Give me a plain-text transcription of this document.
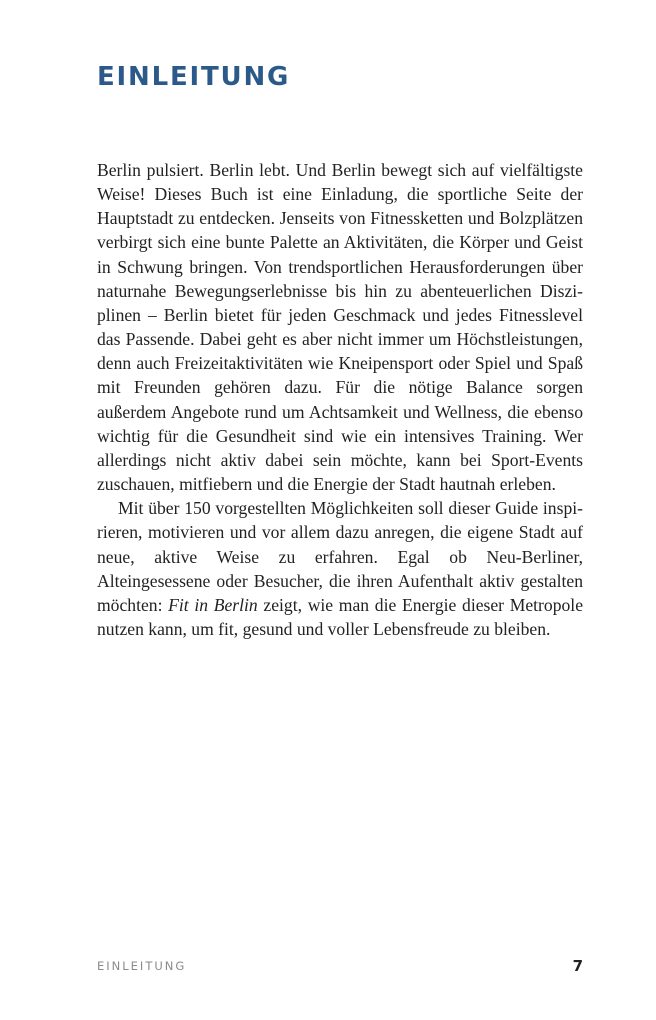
EINLEITUNG

Berlin pulsiert. Berlin lebt. Und Berlin bewegt sich auf vielfältigste Weise! Dieses Buch ist eine Einladung, die sportliche Seite der Hauptstadt zu entdecken. Jenseits von Fitnessketten und Bolzplätzen verbirgt sich eine bunte Palette an Aktivitäten, die Körper und Geist in Schwung bringen. Von trendsportlichen Herausforderungen über naturnahe Bewegungserlebnisse bis hin zu abenteuerlichen Disziplinen – Berlin bietet für jeden Geschmack und jedes Fitnesslevel das Passende. Dabei geht es aber nicht immer um Höchstleistungen, denn auch Freizeitaktivitäten wie Kneipensport oder Spiel und Spaß mit Freunden gehören dazu. Für die nötige Balance sorgen außerdem Angebote rund um Achtsamkeit und Wellness, die ebenso wichtig für die Gesundheit sind wie ein intensives Training. Wer allerdings nicht aktiv dabei sein möchte, kann bei Sport-Events zuschauen, mitfiebern und die Energie der Stadt hautnah erleben.

Mit über 150 vorgestellten Möglichkeiten soll dieser Guide inspirieren, motivieren und vor allem dazu anregen, die eigene Stadt auf neue, aktive Weise zu erfahren. Egal ob Neu-Berliner, Alteingesessene oder Besucher, die ihren Aufenthalt aktiv gestalten möchten: Fit in Berlin zeigt, wie man die Energie dieser Metropole nutzen kann, um fit, gesund und voller Lebensfreude zu bleiben.

EINLEITUNG	7
